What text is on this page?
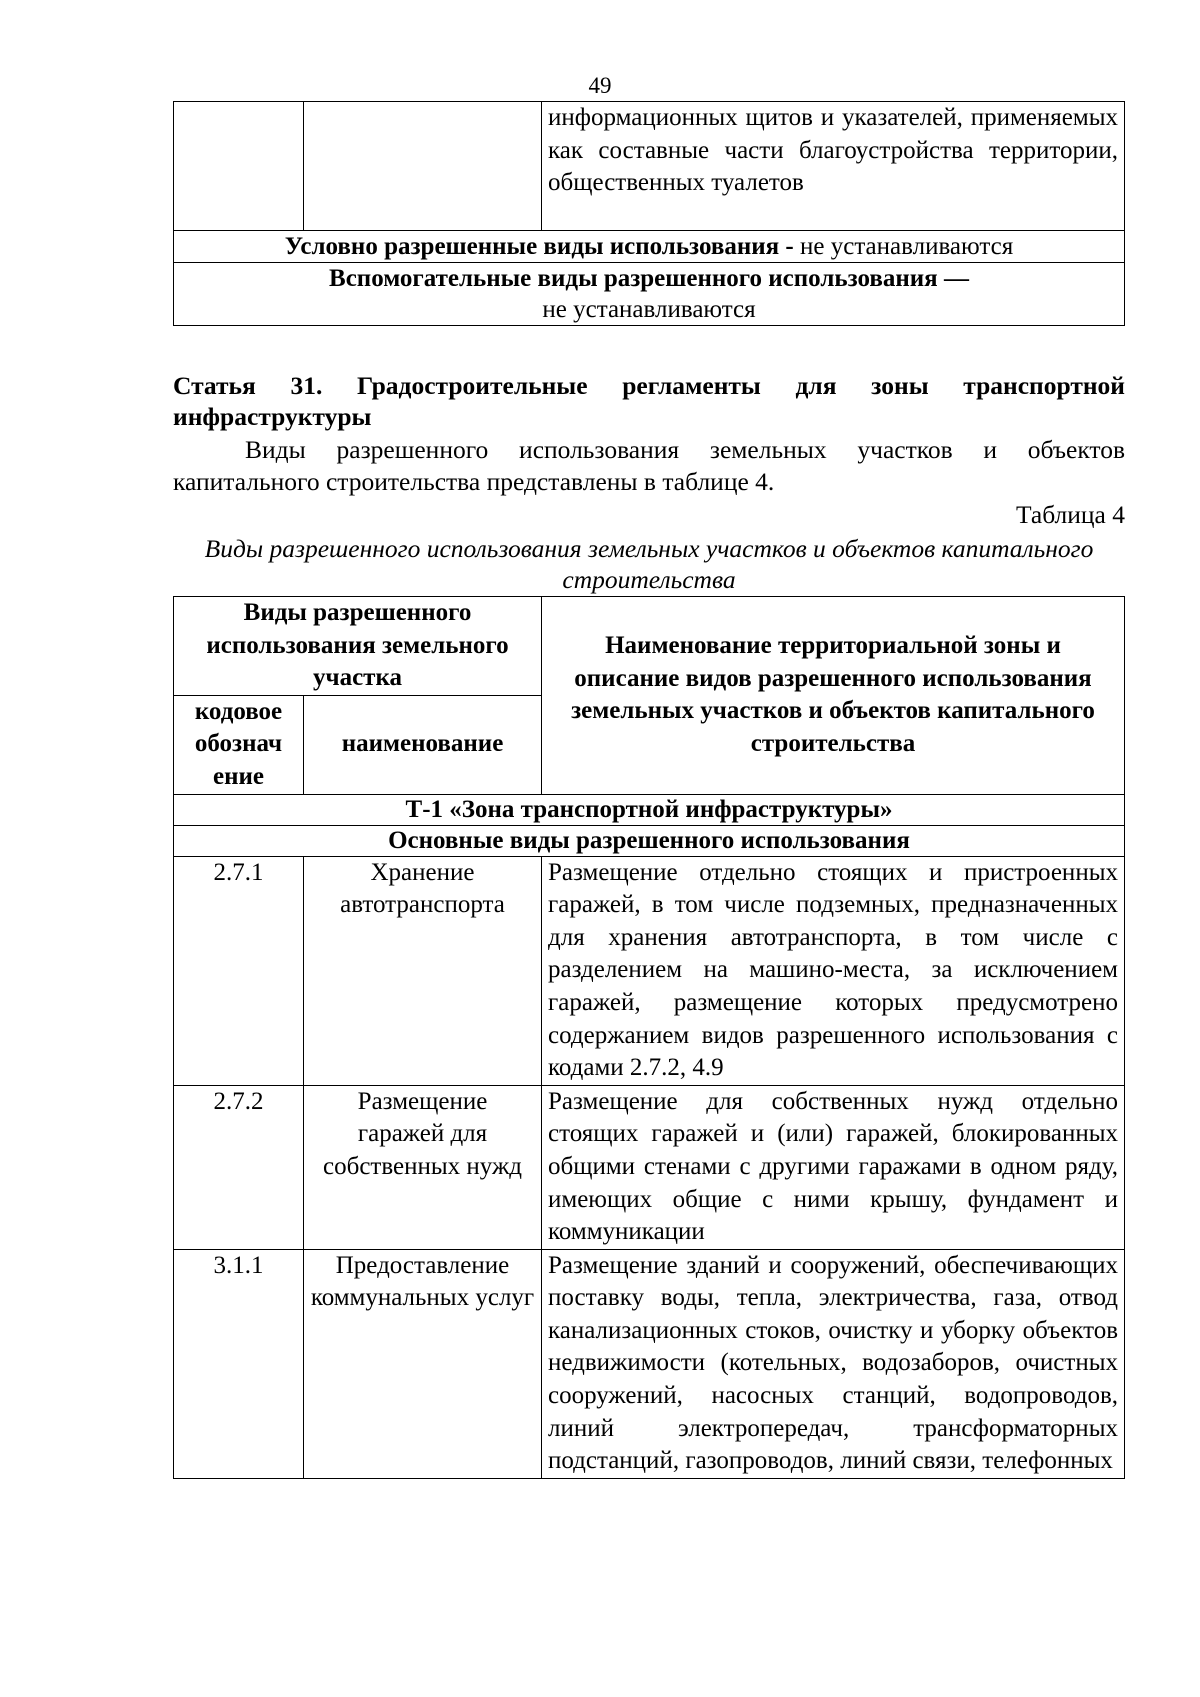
49
		информационных щитов и указателей, применяемых как составные части благоустройства территории, общественных туалетов
Условно разрешенные виды использования - не устанавливаются
Вспомогательные виды разрешенного использования — не устанавливаются
Статья 31. Градостроительные регламенты для зоны транспортной инфраструктуры
Виды разрешенного использования земельных участков и объектов капитального строительства представлены в таблице 4.
Таблица 4
Виды разрешенного использования земельных участков и объектов капитального строительства
Виды разрешенного использования земельного участка		Наименование территориальной зоны и описание видов разрешенного использования земельных участков и объектов капитального строительства
кодовое обознач ение	наименование	
Т-1 «Зона транспортной инфраструктуры»		
Основные виды разрешенного использования		
2.7.1	Хранение автотранспорта	Размещение отдельно стоящих и пристроенных гаражей, в том числе подземных, предназначенных для хранения автотранспорта, в том числе с разделением на машино-места, за исключением гаражей, размещение которых предусмотрено содержанием видов разрешенного использования с кодами 2.7.2, 4.9
2.7.2	Размещение гаражей для собственных нужд	Размещение для собственных нужд отдельно стоящих гаражей и (или) гаражей, блокированных общими стенами с другими гаражами в одном ряду, имеющих общие с ними крышу, фундамент и коммуникации
3.1.1	Предоставление коммунальных услуг	Размещение зданий и сооружений, обеспечивающих поставку воды, тепла, электричества, газа, отвод канализационных стоков, очистку и уборку объектов недвижимости (котельных, водозаборов, очистных сооружений, насосных станций, водопроводов, линий электропередач, трансформаторных подстанций, газопроводов, линий связи, телефонных
